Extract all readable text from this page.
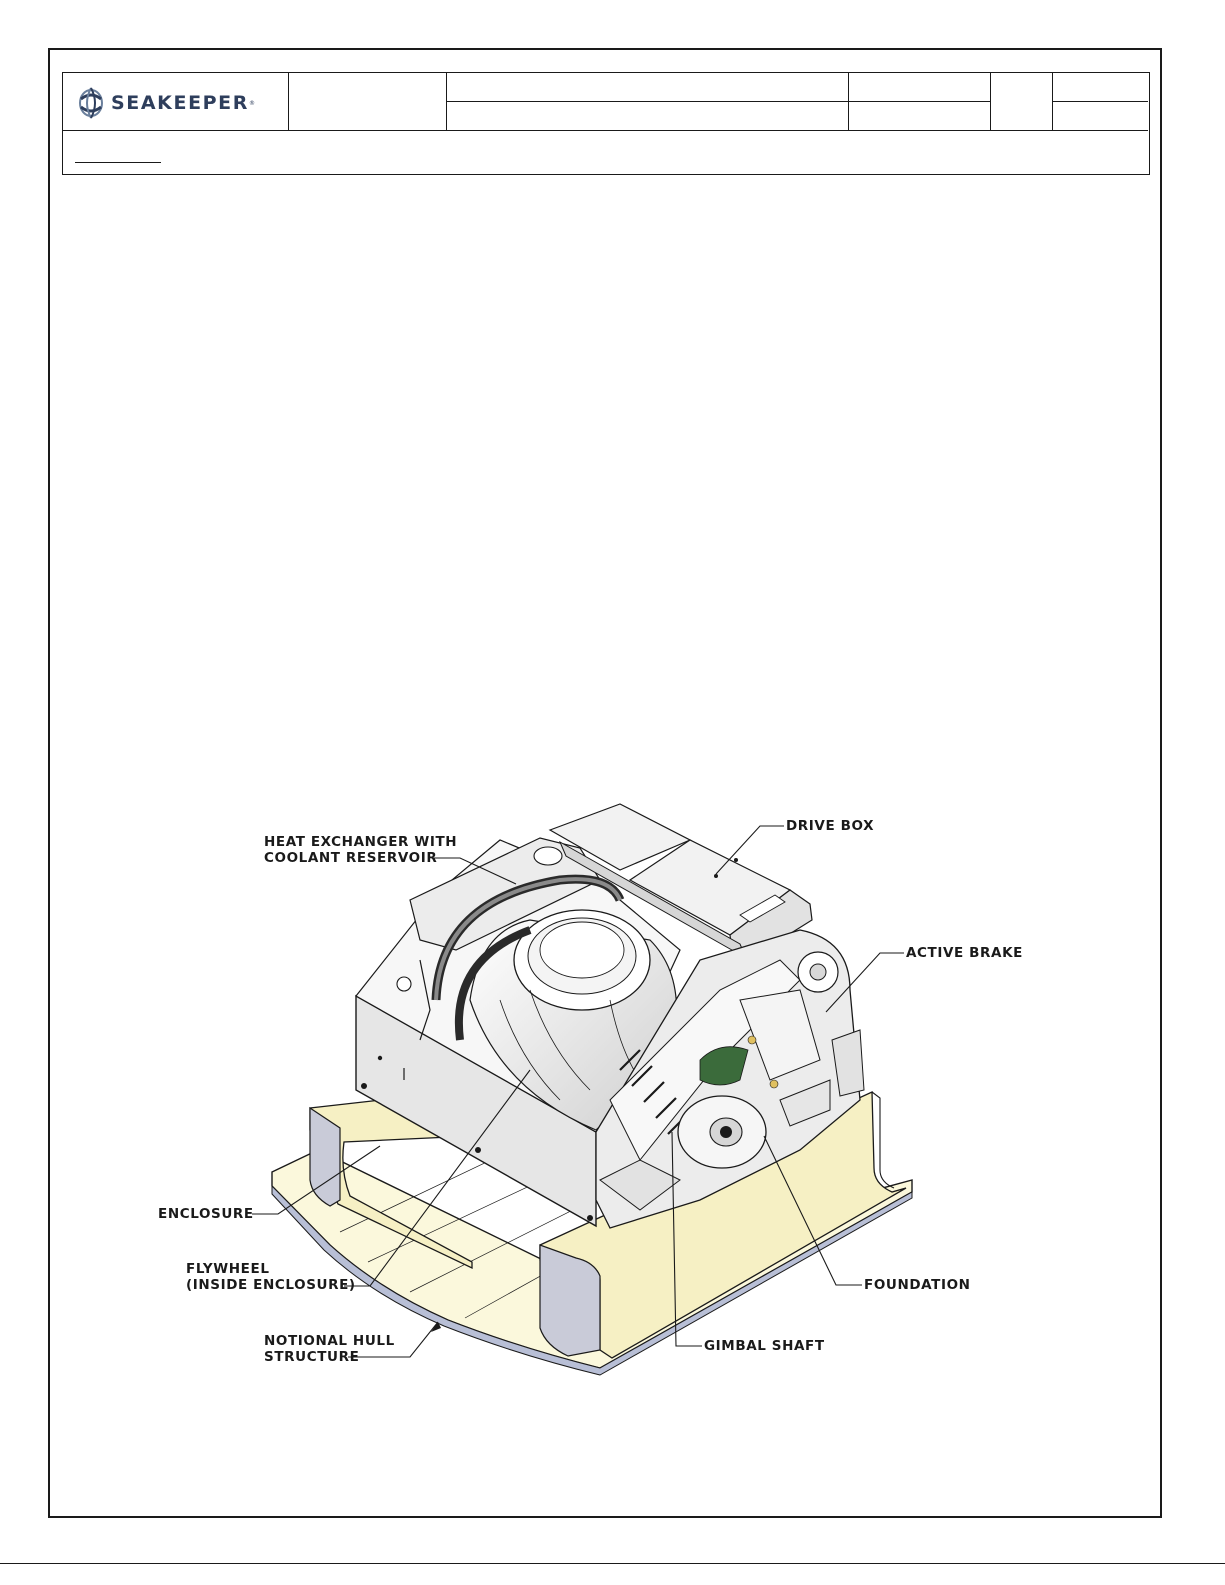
SEAKEEPER ®
HEAT EXCHANGER WITH
COOLANT RESERVOIR
DRIVE BOX
ACTIVE BRAKE
ENCLOSURE
FLYWHEEL
(INSIDE ENCLOSURE)
NOTIONAL HULL
STRUCTURE
FOUNDATION
GIMBAL SHAFT
